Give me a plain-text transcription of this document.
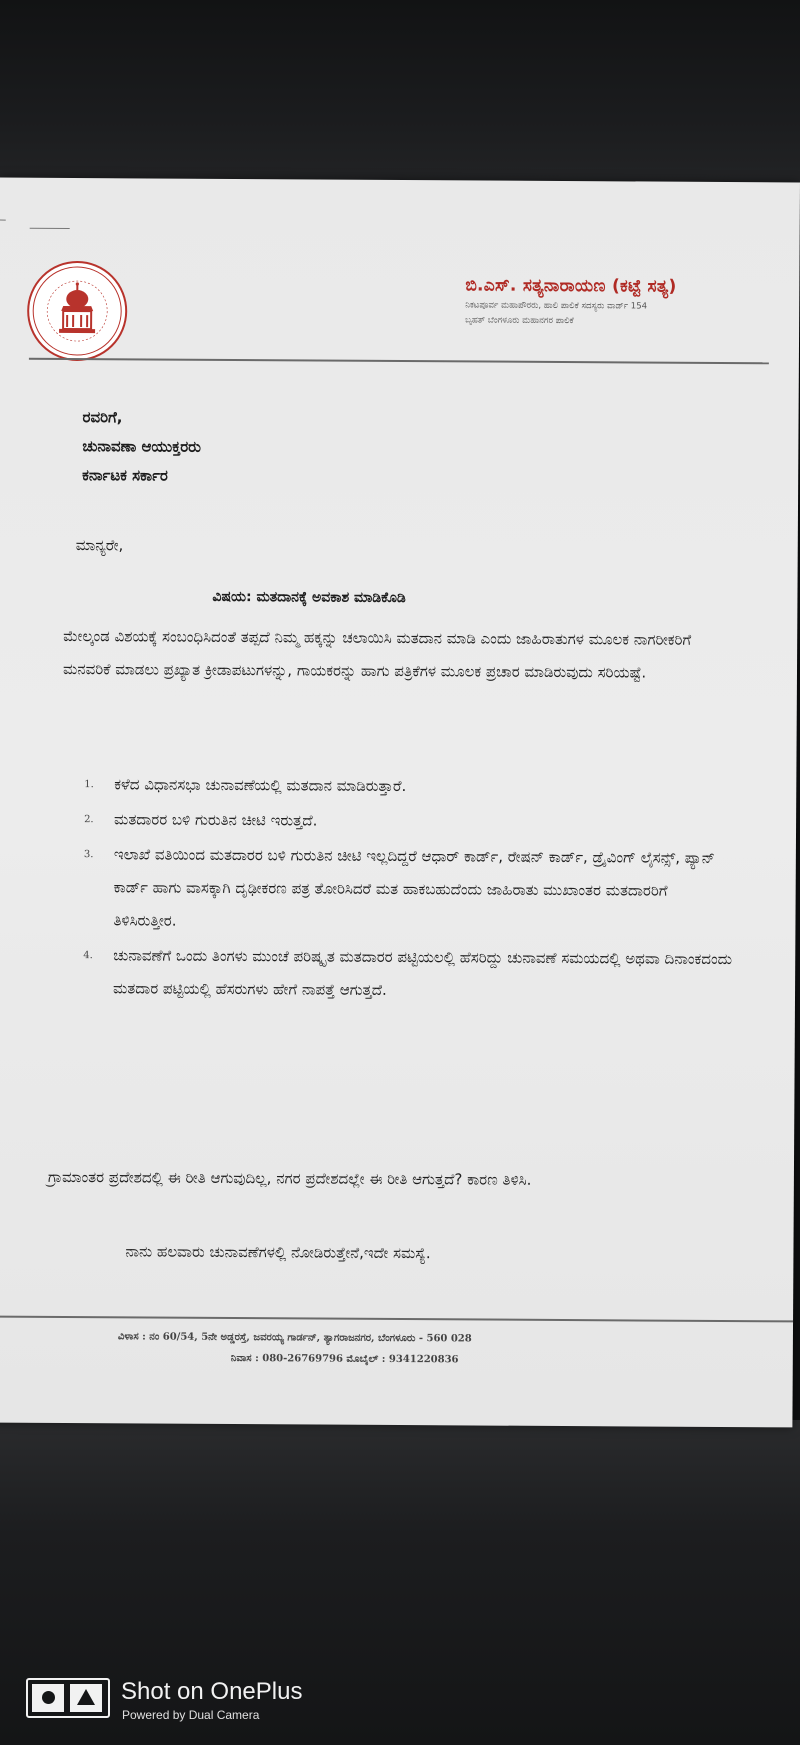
ಬಿ.ಎಸ್. ಸತ್ಯನಾರಾಯಣ (ಕಟ್ಟೆ ಸತ್ಯ)
ನಿಕಟಪೂರ್ವ ಮಹಾಪೌರರು, ಹಾಲಿ ಪಾಲಿಕೆ ಸದಸ್ಯರು ವಾರ್ಡ್ 154
ಬೃಹತ್ ಬೆಂಗಳೂರು ಮಹಾನಗರ ಪಾಲಿಕೆ
ರವರಿಗೆ,
ಚುನಾವಣಾ ಆಯುಕ್ತರರು
ಕರ್ನಾಟಕ ಸರ್ಕಾರ
ಮಾನ್ಯರೇ,
ವಿಷಯ: ಮತದಾನಕ್ಕೆ ಅವಕಾಶ ಮಾಡಿಕೊಡಿ
ಮೇಲ್ಕಂಡ ವಿಶಯಕ್ಕೆ ಸಂಬಂಧಿಸಿದಂತೆ ತಪ್ಪದೆ ನಿಮ್ಮ ಹಕ್ಕನ್ನು ಚಲಾಯಿಸಿ ಮತದಾನ ಮಾಡಿ ಎಂದು ಜಾಹಿರಾತುಗಳ ಮೂಲಕ ನಾಗರೀಕರಿಗೆ ಮನವರಿಕೆ ಮಾಡಲು ಪ್ರಖ್ಯಾತ ಕ್ರೀಡಾಪಟುಗಳನ್ನು, ಗಾಯಕರನ್ನು ಹಾಗು ಪತ್ರಿಕೆಗಳ ಮೂಲಕ ಪ್ರಚಾರ ಮಾಡಿರುವುದು ಸರಿಯಷ್ಟೆ.
1. ಕಳೆದ ವಿಧಾನಸಭಾ ಚುನಾವಣೆಯಲ್ಲಿ ಮತದಾನ ಮಾಡಿರುತ್ತಾರೆ.
2. ಮತದಾರರ ಬಳಿ ಗುರುತಿನ ಚೀಟಿ ಇರುತ್ತದೆ.
3. ಇಲಾಖೆ ವತಿಯಿಂದ ಮತದಾರರ ಬಳಿ ಗುರುತಿನ ಚೀಟಿ ಇಲ್ಲದಿದ್ದರೆ ಆಧಾರ್ ಕಾರ್ಡ್, ರೇಷನ್ ಕಾರ್ಡ್, ಡ್ರೈವಿಂಗ್ ಲೈಸನ್ಸ್, ಪ್ಯಾನ್ ಕಾರ್ಡ್ ಹಾಗು ವಾಸಕ್ಕಾಗಿ ದೃಢೀಕರಣ ಪತ್ರ ತೋರಿಸಿದರೆ ಮತ ಹಾಕಬಹುದೆಂದು ಜಾಹಿರಾತು ಮುಖಾಂತರ ಮತದಾರರಿಗೆ ತಿಳಿಸಿರುತ್ತೀರ.
4. ಚುನಾವಣೆಗೆ ಒಂದು ತಿಂಗಳು ಮುಂಚೆ ಪರಿಷ್ಕೃತ ಮತದಾರರ ಪಟ್ಟಿಯಲಲ್ಲಿ ಹೆಸರಿದ್ದು ಚುನಾವಣೆ ಸಮಯದಲ್ಲಿ ಅಥವಾ ದಿನಾಂಕದಂದು ಮತದಾರ ಪಟ್ಟಿಯಲ್ಲಿ ಹೆಸರುಗಳು ಹೇಗೆ ನಾಪತ್ತೆ ಆಗುತ್ತದೆ.
ಗ್ರಾಮಾಂತರ ಪ್ರದೇಶದಲ್ಲಿ ಈ ರೀತಿ ಆಗುವುದಿಲ್ಲ, ನಗರ ಪ್ರದೇಶದಲ್ಲೇ ಈ ರೀತಿ ಆಗುತ್ತದೆ? ಕಾರಣ ತಿಳಿಸಿ.
ನಾನು ಹಲವಾರು ಚುನಾವಣೆಗಳಲ್ಲಿ ನೋಡಿರುತ್ತೇನೆ,ಇದೇ ಸಮಸ್ಯೆ.
ವಿಳಾಸ : ನಂ 60/54, 5ನೇ ಅಡ್ಡರಸ್ತೆ, ಜವರಯ್ಯ ಗಾರ್ಡನ್, ತ್ಯಾಗರಾಜನಗರ, ಬೆಂಗಳೂರು - 560 028
ನಿವಾಸ : 080-26769796 ಮೊಬೈಲ್ : 9341220836
Shot on OnePlus
Powered by Dual Camera
